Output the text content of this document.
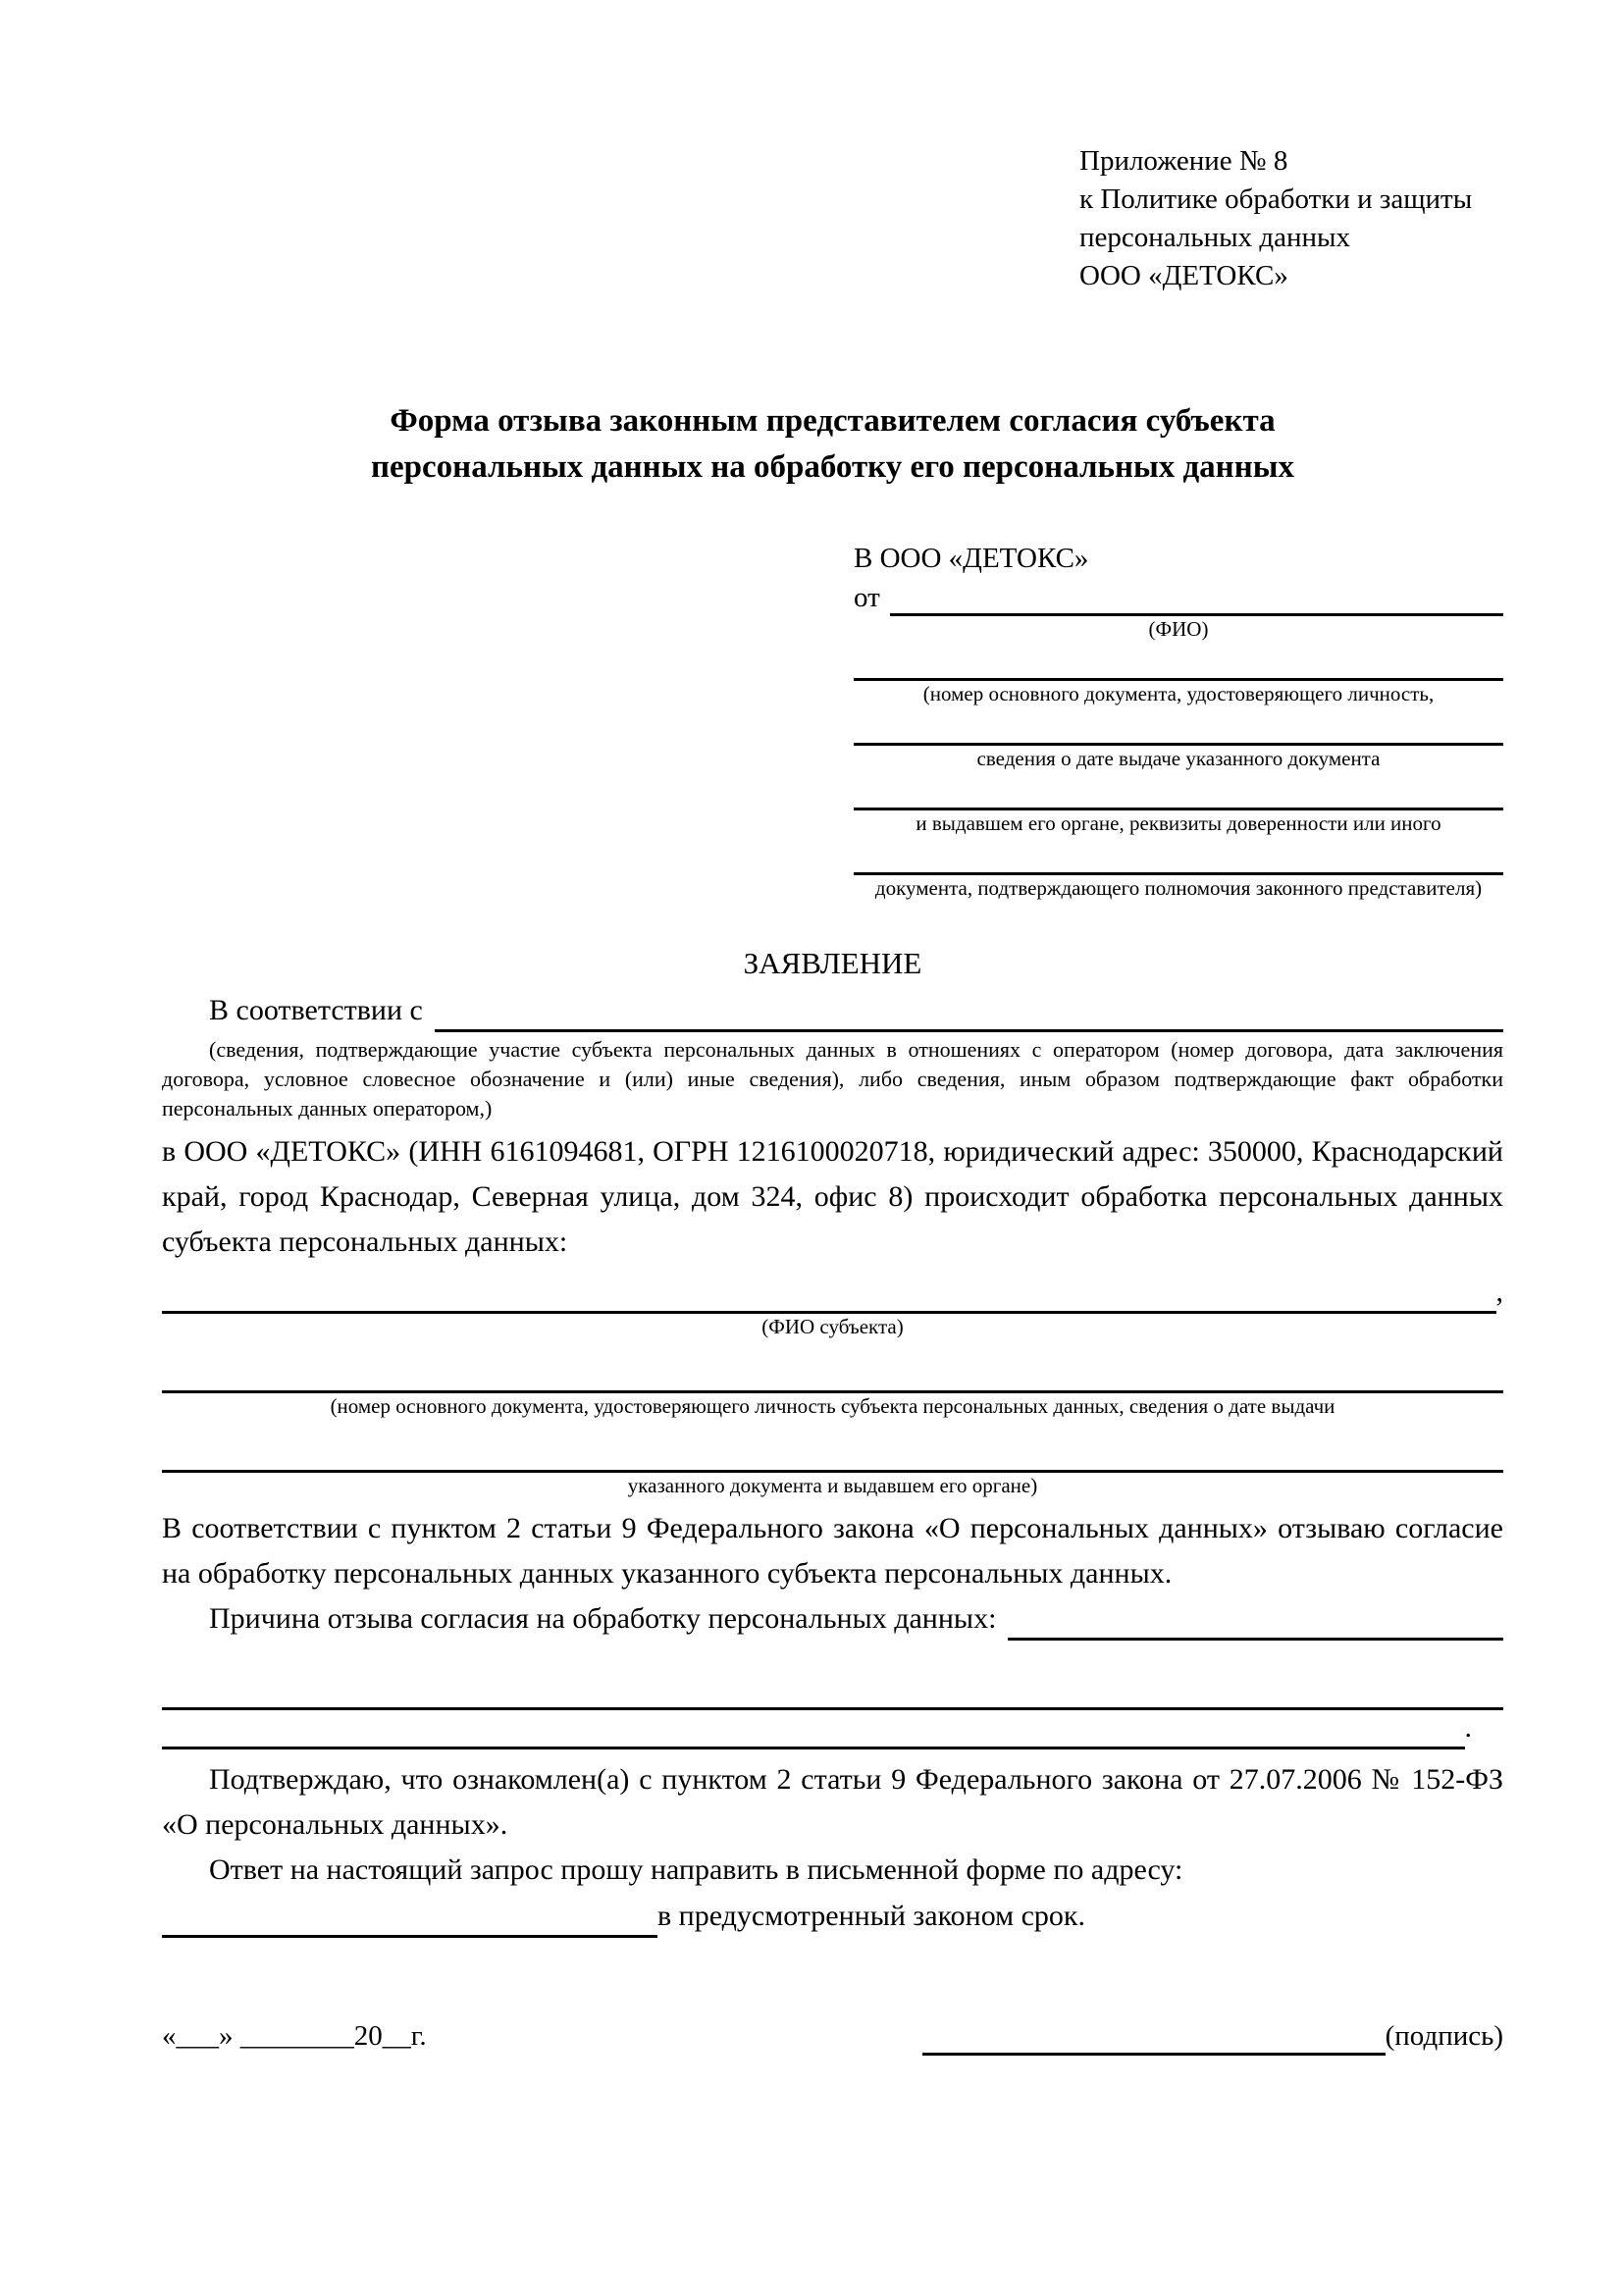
Приложение № 8
к Политике обработки и защиты
персональных данных
ООО «ДЕТОКС»
Форма отзыва законным представителем согласия субъекта персональных данных на обработку его персональных данных
В ООО «ДЕТОКС»
от
(ФИО)
(номер основного документа, удостоверяющего личность,
сведения о дате выдаче указанного документа
и выдавшем его органе, реквизиты доверенности или иного
документа, подтверждающего полномочия законного представителя)
ЗАЯВЛЕНИЕ
В соответствии с
(сведения, подтверждающие участие субъекта персональных данных в отношениях с оператором (номер договора, дата заключения договора, условное словесное обозначение и (или) иные сведения), либо сведения, иным образом подтверждающие факт обработки персональных данных оператором,)

в ООО «ДЕТОКС» (ИНН 6161094681, ОГРН 1216100020718, юридический адрес: 350000, Краснодарский край, город Краснодар, Северная улица, дом 324, офис 8) происходит обработка персональных данных субъекта персональных данных:

,
(ФИО субъекта)
(номер основного документа, удостоверяющего личность субъекта персональных данных, сведения о дате выдачи
указанного документа и выдавшем его органе)

В соответствии с пунктом 2 статьи 9 Федерального закона «О персональных данных» отзываю согласие на обработку персональных данных указанного субъекта персональных данных.

Причина отзыва согласия на обработку персональных данных:
.

Подтверждаю, что ознакомлен(а) с пунктом 2 статьи 9 Федерального закона от 27.07.2006 № 152-ФЗ «О персональных данных».

Ответ на настоящий запрос прошу направить в письменной форме по адресу:

в предусмотренный законом срок.
«___» ________20__г.	(подпись)
